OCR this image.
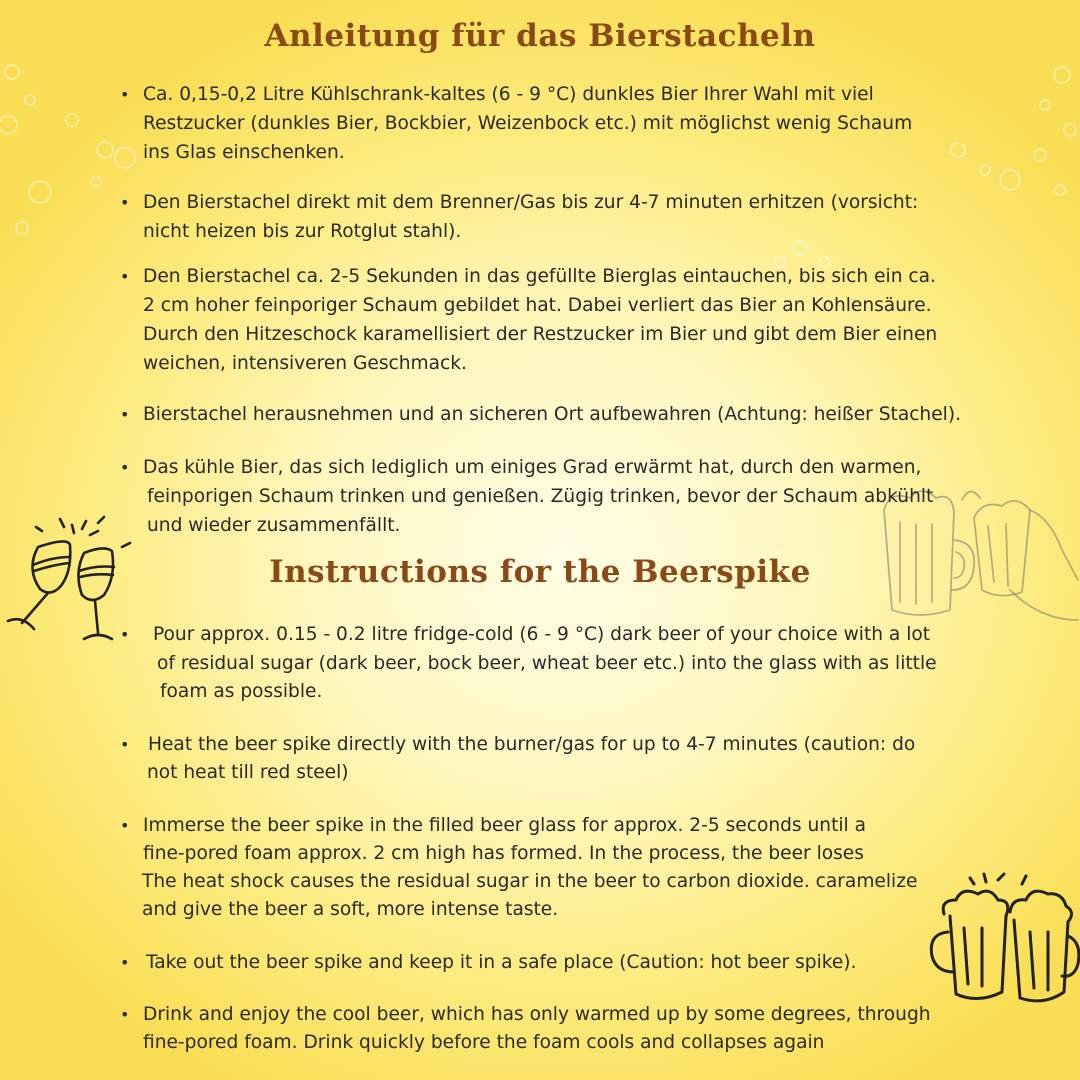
Anleitung für das Bierstacheln
• Ca. 0,15-0,2 Litre Kühlschrank-kaltes (6 - 9 °C) dunkles Bier Ihrer Wahl mit viel
Restzucker (dunkles Bier, Bockbier, Weizenbock etc.) mit möglichst wenig Schaum
ins Glas einschenken.
• Den Bierstachel direkt mit dem Brenner/Gas bis zur 4-7 minuten erhitzen (vorsicht:
nicht heizen bis zur Rotglut stahl).
• Den Bierstachel ca. 2-5 Sekunden in das gefüllte Bierglas eintauchen, bis sich ein ca.
2 cm hoher feinporiger Schaum gebildet hat. Dabei verliert das Bier an Kohlensäure.
Durch den Hitzeschock karamellisiert der Restzucker im Bier und gibt dem Bier einen
weichen, intensiveren Geschmack.
• Bierstachel herausnehmen und an sicheren Ort aufbewahren (Achtung: heißer Stachel).
• Das kühle Bier, das sich lediglich um einiges Grad erwärmt hat, durch den warmen,
feinporigen Schaum trinken und genießen. Zügig trinken, bevor der Schaum abkühlt
und wieder zusammenfällt.
Instructions for the Beerspike
• Pour approx. 0.15 - 0.2 litre fridge-cold (6 - 9 °C) dark beer of your choice with a lot
of residual sugar (dark beer, bock beer, wheat beer etc.) into the glass with as little
foam as possible.
• Heat the beer spike directly with the burner/gas for up to 4-7 minutes (caution: do
not heat till red steel)
• Immerse the beer spike in the filled beer glass for approx. 2-5 seconds until a
fine-pored foam approx. 2 cm high has formed. In the process, the beer loses
The heat shock causes the residual sugar in the beer to carbon dioxide. caramelize
and give the beer a soft, more intense taste.
• Take out the beer spike and keep it in a safe place (Caution: hot beer spike).
• Drink and enjoy the cool beer, which has only warmed up by some degrees, through
fine-pored foam. Drink quickly before the foam cools and collapses again
